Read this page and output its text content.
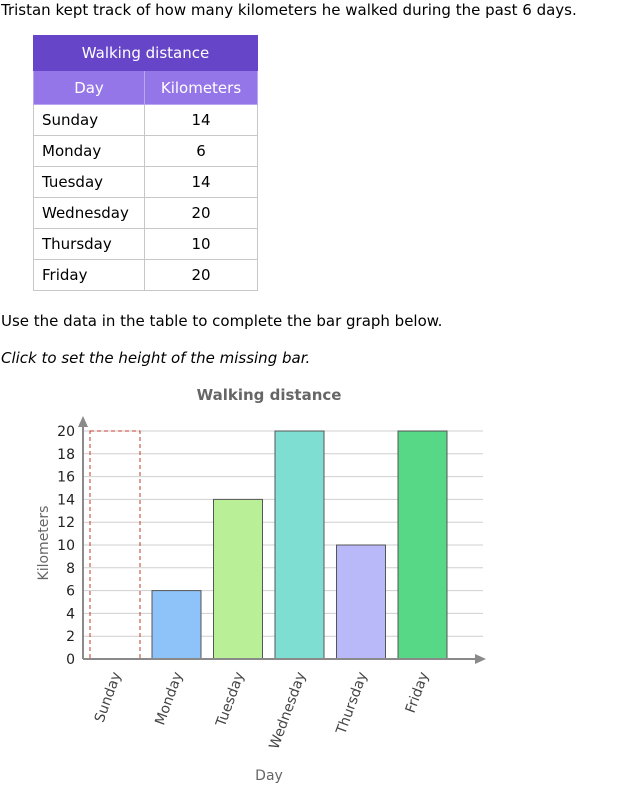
Tristan kept track of how many kilometers he walked during the past 6 days.
Walking distance	
Day	Kilometers
Sunday	14
Monday	6
Tuesday	14
Wednesday	20
Thursday	10
Friday	20
Use the data in the table to complete the bar graph below.
Click to set the height of the missing bar.
Walking distance
0
2
4
6
8
10
12
14
16
18
20
Sunday Monday Tuesday Wednesday Thursday Friday
Kilometers
Day
